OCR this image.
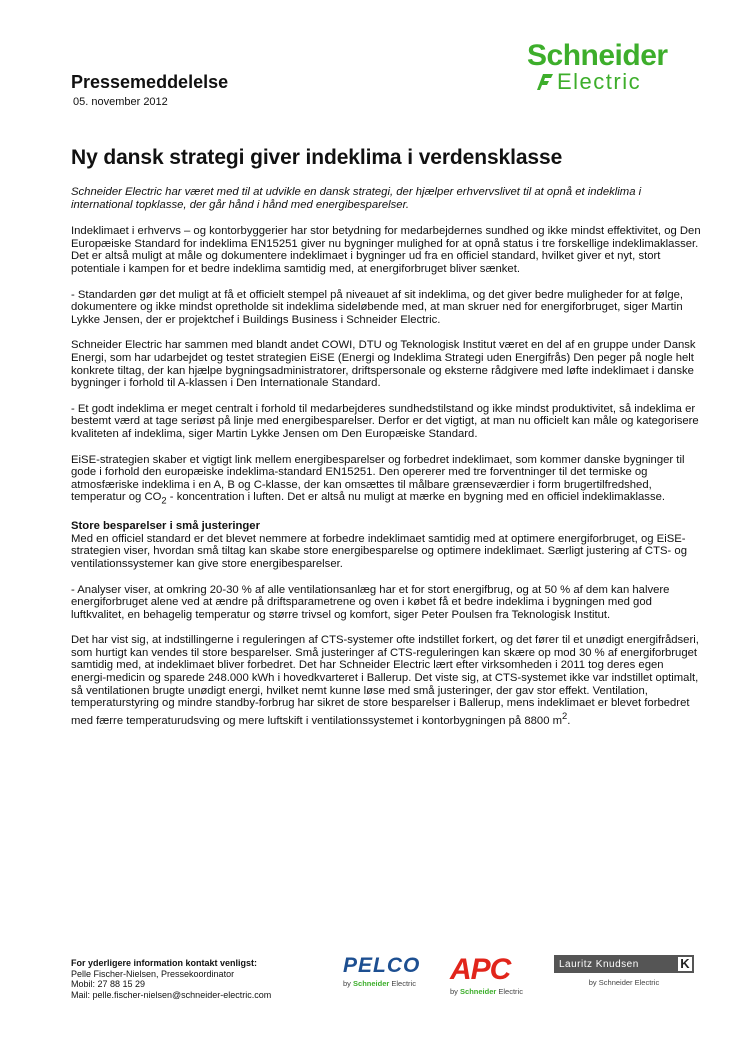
Schneider
Electric
Pressemeddelelse
05. november 2012
Ny dansk strategi giver indeklima i verdensklasse

Schneider Electric har været med til at udvikle en dansk strategi, der hjælper erhvervslivet til at opnå et indeklima i international topklasse, der går hånd i hånd med energibesparelser.

Indeklimaet i erhvervs – og kontorbyggerier har stor betydning for medarbejdernes sundhed og ikke mindst effektivitet, og Den Europæiske Standard for indeklima EN15251 giver nu bygninger mulighed for at opnå status i tre forskellige indeklimaklasser. Det er altså muligt at måle og dokumentere indeklimaet i bygninger ud fra en officiel standard, hvilket giver et nyt, stort potentiale i kampen for et bedre indeklima samtidig med, at energiforbruget bliver sænket.

- Standarden gør det muligt at få et officielt stempel på niveauet af sit indeklima, og det giver bedre muligheder for at følge, dokumentere og ikke mindst opretholde sit indeklima sideløbende med, at man skruer ned for energiforbruget, siger Martin Lykke Jensen, der er projektchef i Buildings Business i Schneider Electric.

Schneider Electric har sammen med blandt andet COWI, DTU og Teknologisk Institut været en del af en gruppe under Dansk Energi, som har udarbejdet og testet strategien EiSE (Energi og Indeklima Strategi uden Energifrås) Den peger på nogle helt konkrete tiltag, der kan hjælpe bygningsadministratorer, driftspersonale og eksterne rådgivere med løfte indeklimaet i danske bygninger i forhold til A-klassen i Den Internationale Standard.

- Et godt indeklima er meget centralt i forhold til medarbejderes sundhedstilstand og ikke mindst produktivitet, så indeklima er bestemt værd at tage seriøst på linje med energibesparelser. Derfor er det vigtigt, at man nu officielt kan måle og kategorisere kvaliteten af indeklima, siger Martin Lykke Jensen om Den Europæiske Standard.

EiSE-strategien skaber et vigtigt link mellem energibesparelser og forbedret indeklimaet, som kommer danske bygninger til gode i forhold den europæiske indeklima-standard EN15251. Den opererer med tre forventninger til det termiske og atmosfæriske indeklima i en A, B og C-klasse, der kan omsættes til målbare grænseværdier i form brugertilfredshed, temperatur og $CO_2$ - koncentration i luften. Det er altså nu muligt at mærke en bygning med en officiel indeklimaklasse.

Store besparelser i små justeringer

Med en officiel standard er det blevet nemmere at forbedre indeklimaet samtidig med at optimere energiforbruget, og EiSE-strategien viser, hvordan små tiltag kan skabe store energibesparelse og optimere indeklimaet. Særligt justering af CTS- og ventilationssystemer kan give store energibesparelser.

- Analyser viser, at omkring 20-30 % af alle ventilationsanlæg har et for stort energifbrug, og at 50 % af dem kan halvere energiforbruget alene ved at ændre på driftsparametrene og oven i købet få et bedre indeklima i bygningen med god luftkvalitet, en behagelig temperatur og større trivsel og komfort, siger Peter Poulsen fra Teknologisk Institut.

Det har vist sig, at indstillingerne i reguleringen af CTS-systemer ofte indstillet forkert, og det fører til et unødigt energifrådseri, som hurtigt kan vendes til store besparelser. Små justeringer af CTS-reguleringen kan skære op mod 30 % af energiforbruget samtidig med, at indeklimaet bliver forbedret. Det har Schneider Electric lært efter virksomheden i 2011 tog deres egen energi-medicin og sparede 248.000 kWh i hovedkvarteret i Ballerup. Det viste sig, at CTS-systemet ikke var indstillet optimalt, så ventilationen brugte unødigt energi, hvilket nemt kunne løse med små justeringer, der gav stor effekt. Ventilation, temperaturstyring og mindre standby-forbrug har sikret de store besparelser i Ballerup, mens indeklimaet er blevet forbedret med færre temperaturudsving og mere luftskift i ventilationssystemet i kontorbygningen på 8800 $m^2$.

For yderligere information kontakt venligst:
Pelle Fischer-Nielsen, Pressekoordinator
Mobil: 27 88 15 29
Mail: pelle.fischer-nielsen@schneider-electric.com
PELCO
by Schneider Electric	APC
by Schneider Electric
Lauritz Knudsen	K
by Schneider Electric
